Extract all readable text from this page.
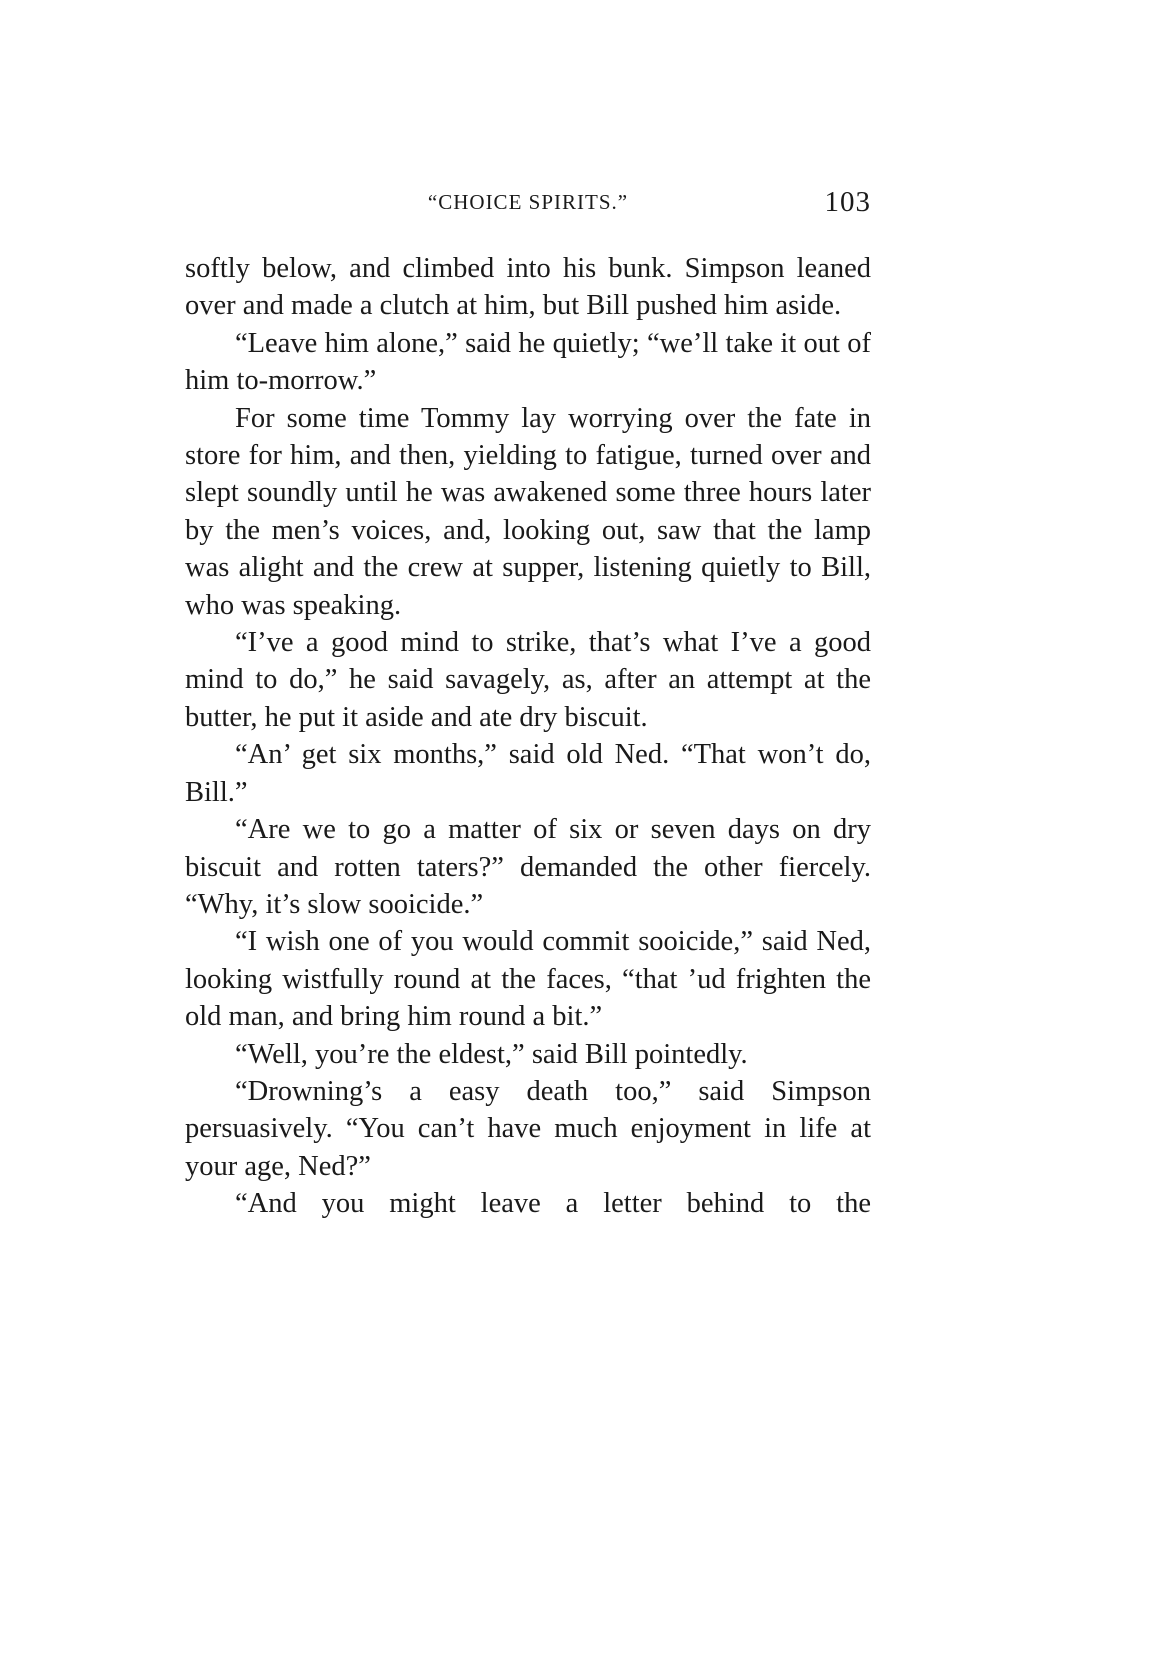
“CHOICE SPIRITS.”	103

softly below, and climbed into his bunk. Simpson leaned over and made a clutch at him, but Bill pushed him aside.

“Leave him alone,” said he quietly; “we’ll take it out of him to-morrow.”

For some time Tommy lay worrying over the fate in store for him, and then, yielding to fatigue, turned over and slept soundly until he was awakened some three hours later by the men’s voices, and, looking out, saw that the lamp was alight and the crew at supper, listening quietly to Bill, who was speaking.

“I’ve a good mind to strike, that’s what I’ve a good mind to do,” he said savagely, as, after an attempt at the butter, he put it aside and ate dry biscuit.

“An’ get six months,” said old Ned. “That won’t do, Bill.”

“Are we to go a matter of six or seven days on dry biscuit and rotten taters?” demanded the other fiercely. “Why, it’s slow sooicide.”

“I wish one of you would commit sooicide,” said Ned, looking wistfully round at the faces, “that ’ud frighten the old man, and bring him round a bit.”

“Well, you’re the eldest,” said Bill pointedly.

“Drowning’s a easy death too,” said Simpson persuasively. “You can’t have much enjoyment in life at your age, Ned?”

“And you might leave a letter behind to the
